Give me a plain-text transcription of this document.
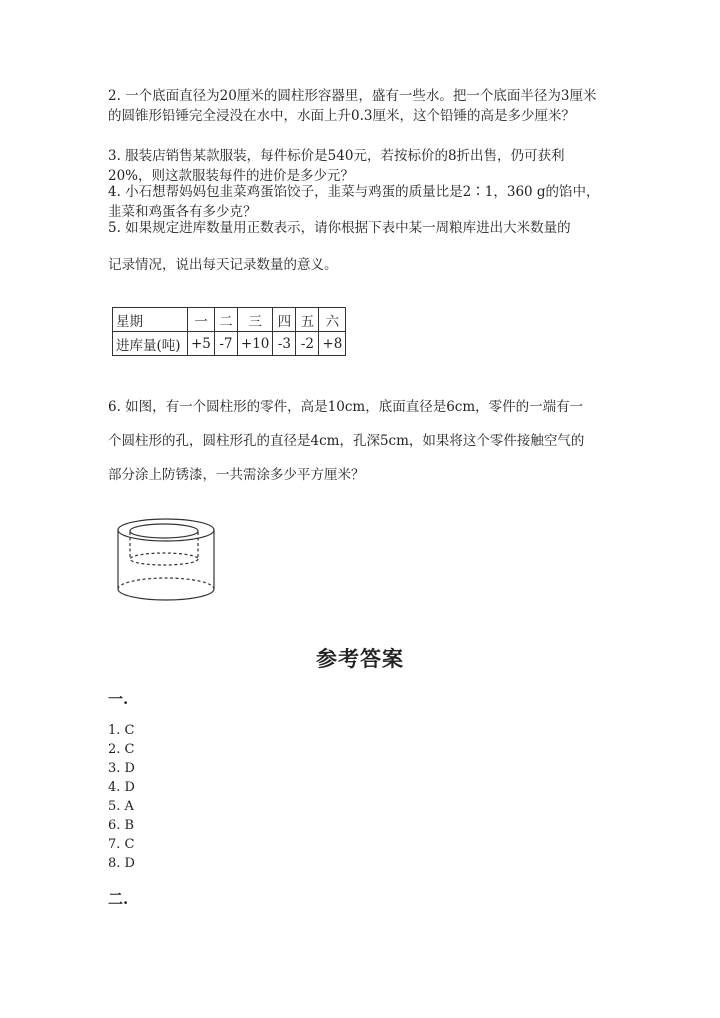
2. 一个底面直径为20厘米的圆柱形容器里，盛有一些水。把一个底面半径为3厘米的圆锥形铅锤完全浸没在水中，水面上升0.3厘米，这个铅锤的高是多少厘米？

3. 服装店销售某款服装，每件标价是540元，若按标价的8折出售，仍可获利20%，则这款服装每件的进价是多少元？

4. 小石想帮妈妈包韭菜鸡蛋馅饺子，韭菜与鸡蛋的质量比是2∶1，360 g的馅中，韭菜和鸡蛋各有多少克？

5. 如果规定进库数量用正数表示，请你根据下表中某一周粮库进出大米数量的

记录情况，说出每天记录数量的意义。

星期	一	二	三	四	五	六
进库量(吨)	+5	-7	+10	-3	-2	+8

6. 如图，有一个圆柱形的零件，高是10cm，底面直径是6cm，零件的一端有一

个圆柱形的孔，圆柱形孔的直径是4cm，孔深5cm，如果将这个零件接触空气的

部分涂上防锈漆，一共需涂多少平方厘米？

参考答案
一.
1. C
2. C
3. D
4. D
5. A
6. B
7. C
8. D
二.
